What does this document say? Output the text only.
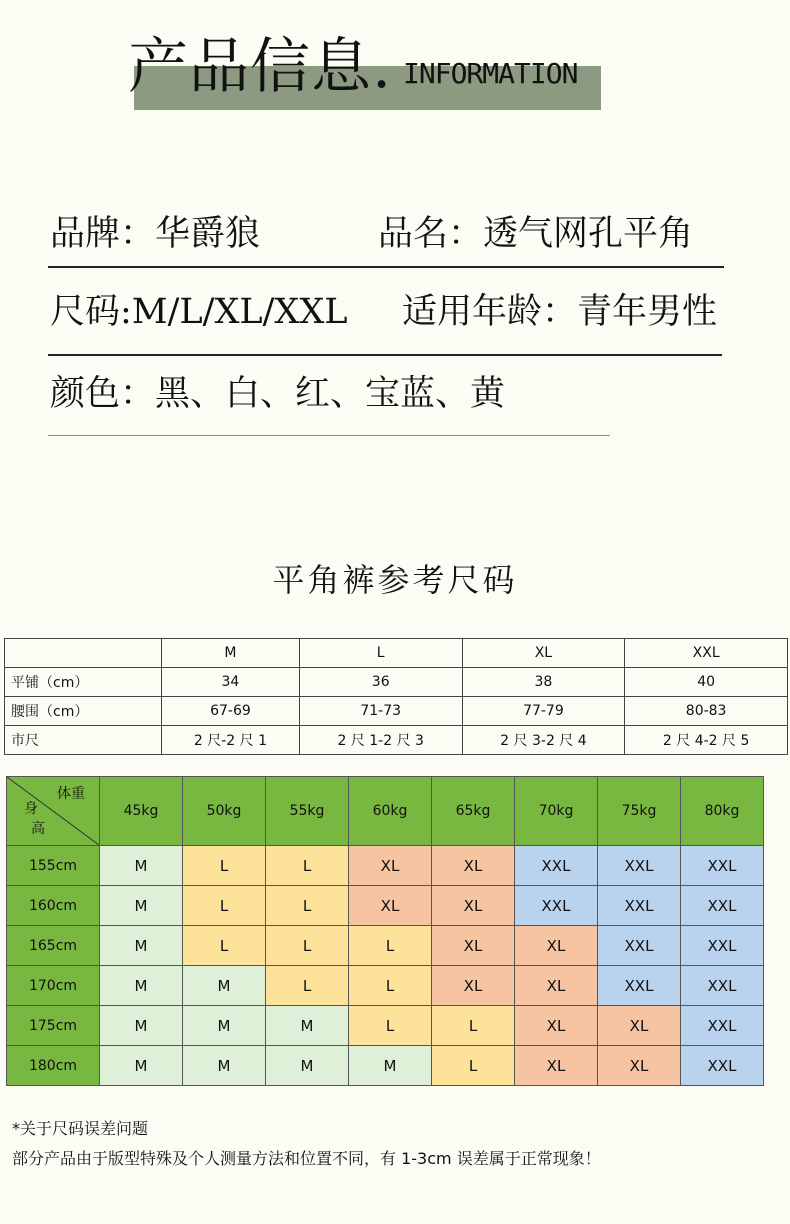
产品信息. INFORMATION
品牌：华爵狼	品名：透气网孔平角
尺码:M/L/XL/XXL 适用年龄：青年男性
颜色：黑、白、红、宝蓝、黄
平角裤参考尺码
	M	L	XL	XXL
平铺（cm）	34	36	38	40
腰围（cm）	67-69	71-73	77-79	80-83
市尺	2 尺-2 尺 1	2 尺 1-2 尺 3	2 尺 3-2 尺 4	2 尺 4-2 尺 5
体重
身
高	45kg	50kg	55kg	60kg	65kg	70kg	75kg	80kg
155cm	M	L	L	XL	XL	XXL	XXL	XXL
160cm	M	L	L	XL	XL	XXL	XXL	XXL
165cm	M	L	L	L	XL	XL	XXL	XXL
170cm	M	M	L	L	XL	XL	XXL	XXL
175cm	M	M	M	L	L	XL	XL	XXL
180cm	M	M	M	M	L	XL	XL	XXL
*关于尺码误差问题
部分产品由于版型特殊及个人测量方法和位置不同，有 1-3cm 误差属于正常现象！
